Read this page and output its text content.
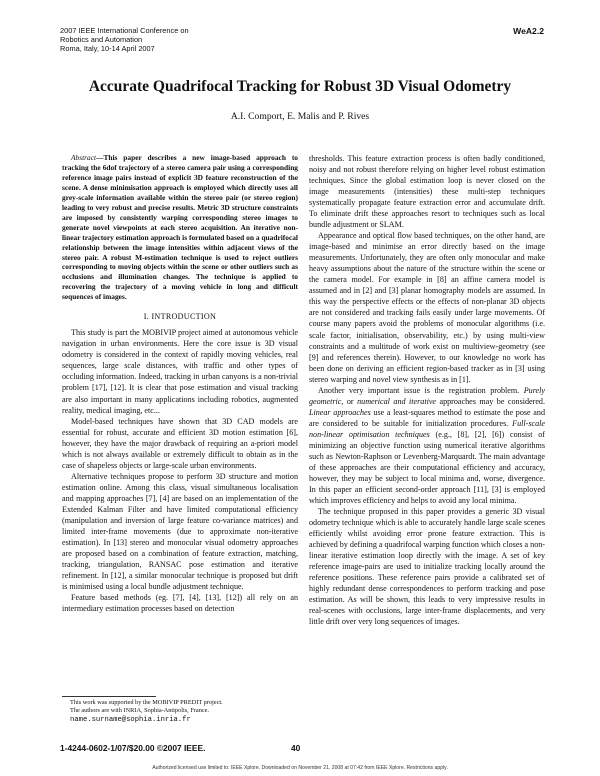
2007 IEEE International Conference on
Robotics and Automation
Roma, Italy, 10-14 April 2007
WeA2.2
Accurate Quadrifocal Tracking for Robust 3D Visual Odometry
A.I. Comport, E. Malis and P. Rives

Abstract—This paper describes a new image-based approach to tracking the 6dof trajectory of a stereo camera pair using a corresponding reference image pairs instead of explicit 3D feature reconstruction of the scene. A dense minimisation approach is employed which directly uses all grey-scale information available within the stereo pair (or stereo region) leading to very robust and precise results. Metric 3D structure constraints are imposed by consistently warping corresponding stereo images to generate novel viewpoints at each stereo acquisition. An iterative non-linear trajectory estimation approach is formulated based on a quadrifocal relationship between the image intensities within adjacent views of the stereo pair. A robust M-estimation technique is used to reject outliers corresponding to moving objects within the scene or other outliers such as occlusions and illumination changes. The technique is applied to recovering the trajectory of a moving vehicle in long and difficult sequences of images.

I. INTRODUCTION

This study is part the MOBIVIP project aimed at autonomous vehicle navigation in urban environments. Here the core issue is 3D visual odometry is considered in the context of rapidly moving vehicles, real sequences, large scale distances, with traffic and other types of occluding information. Indeed, tracking in urban canyons is a non-trivial problem [17], [12]. It is clear that pose estimation and visual tracking are also important in many applications including robotics, augmented reality, medical imaging, etc...

Model-based techniques have shown that 3D CAD models are essential for robust, accurate and efficient 3D motion estimation [6], however, they have the major drawback of requiring an a-priori model which is not always available or extremely difficult to obtain as in the case of shapeless objects or large-scale urban environments.

Alternative techniques propose to perform 3D structure and motion estimation online. Among this class, visual simultaneous localisation and mapping approaches [7], [4] are based on an implementation of the Extended Kalman Filter and have limited computational efficiency (manipulation and inversion of large feature co-variance matrices) and limited inter-frame movements (due to approximate non-iterative estimation). In [13] stereo and monocular visual odometry approaches are proposed based on a combination of feature extraction, matching, tracking, triangulation, RANSAC pose estimation and iterative refinement. In [12], a similar monocular technique is proposed but drift is minimised using a local bundle adjustment technique.

Feature based methods (eg. [7], [4], [13], [12]) all rely on an intermediary estimation processes based on detection

thresholds. This feature extraction process is often badly conditioned, noisy and not robust therefore relying on higher level robust estimation techniques. Since the global estimation loop is never closed on the image measurements (intensities) these multi-step techniques systematically propagate feature extraction error and accumulate drift. To eliminate drift these approaches resort to techniques such as local bundle adjustment or SLAM.

Appearance and optical flow based techniques, on the other hand, are image-based and minimise an error directly based on the image measurements. Unfortunately, they are often only monocular and make heavy assumptions about the nature of the structure within the scene or the camera model. For example in [8] an affine camera model is assumed and in [2] and [3] planar homography models are assumed. In this way the perspective effects or the effects of non-planar 3D objects are not considered and tracking fails easily under large movements. Of course many papers avoid the problems of monocular algorithms (i.e. scale factor, initialisation, observability, etc.) by using multi-view constraints and a multitude of work exist on multiview-geometry (see [9] and references therein). However, to our knowledge no work has been done on deriving an efficient region-based tracker as in [3] using stereo warping and novel view synthesis as in [1].

Another very important issue is the registration problem. Purely geometric, or numerical and iterative approaches may be considered. Linear approaches use a least-squares method to estimate the pose and are considered to be suitable for initialization procedures. Full-scale non-linear optimisation techniques (e.g., [8], [2], [6]) consist of minimizing an objective function using numerical iterative algorithms such as Newton-Raphson or Levenberg-Marquardt. The main advantage of these approaches are their computational efficiency and accuracy, however, they may be subject to local minima and, worse, divergence. In this paper an efficient second-order approach [11], [3] is employed which improves efficiency and helps to avoid any local minima.

The technique proposed in this paper provides a generic 3D visual odometry technique which is able to accurately handle large scale scenes efficiently whilst avoiding error prone feature extraction. This is achieved by defining a quadrifocal warping function which closes a non-linear iterative estimation loop directly with the image. A set of key reference image-pairs are used to initialize tracking locally around the reference positions. These reference pairs provide a calibrated set of highly redundant dense correspondences to perform tracking and pose estimation. As will be shown, this leads to very impressive results in real-scenes with occlusions, large inter-frame displacements, and very little drift over very long sequences of images.

This work was supported by the MOBIVIP PREDIT project.
The authors are with INRIA, Sophia-Antipolis, France.
name.surname@sophia.inria.fr
1-4244-0602-1/07/$20.00 ©2007 IEEE.	40
Authorized licensed use limited to: IEEE Xplore. Downloaded on November 21, 2008 at 07:42 from IEEE Xplore. Restrictions apply.
